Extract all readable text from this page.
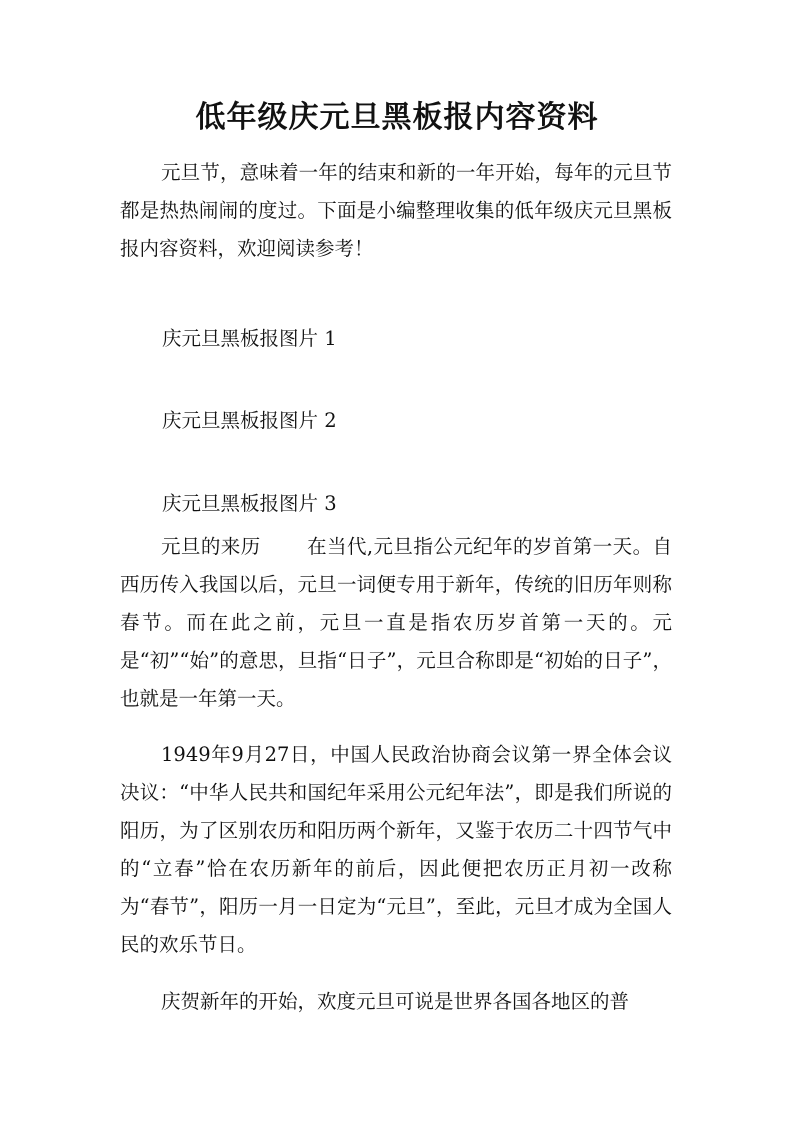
低年级庆元旦黑板报内容资料
元旦节，意味着一年的结束和新的一年开始，每年的元旦节都是热热闹闹的度过。下面是小编整理收集的低年级庆元旦黑板报内容资料，欢迎阅读参考！
庆元旦黑板报图片 1
庆元旦黑板报图片 2
庆元旦黑板报图片 3
元旦的来历 在当代,元旦指公元纪年的岁首第一天。自西历传入我国以后，元旦一词便专用于新年，传统的旧历年则称春节。而在此之前，元旦一直是指农历岁首第一天的。元是“初”“始”的意思，旦指“日子”，元旦合称即是“初始的日子”，也就是一年第一天。
1949年9月27日，中国人民政治协商会议第一界全体会议决议：“中华人民共和国纪年采用公元纪年法”，即是我们所说的阳历，为了区别农历和阳历两个新年，又鉴于农历二十四节气中的“立春”恰在农历新年的前后，因此便把农历正月初一改称为“春节”，阳历一月一日定为“元旦”，至此，元旦才成为全国人民的欢乐节日。
庆贺新年的开始，欢度元旦可说是世界各国各地区的普
